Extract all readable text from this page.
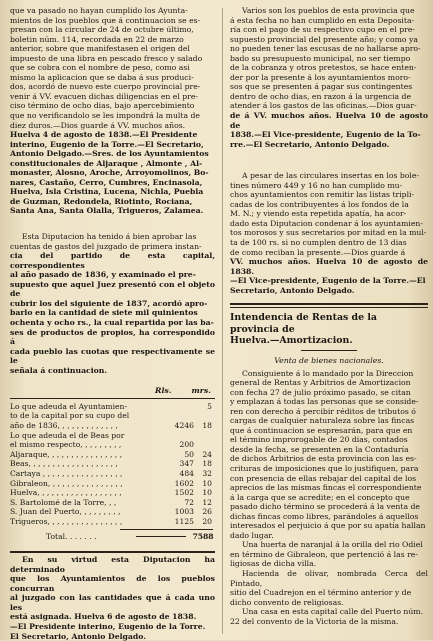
que va pasado no hayan cumplido los Ayunta-

mientos de los pueblos que á continuacion se es-

presan con la circular de 24 de octubre último,

boletin núm. 114, recordada en 22 de marzo

anterior, sobre que manifestasen el origen del

impuesto de una libra en pescado fresco y salado

que se cobra con el nombre de peso, como asi

mismo la aplicacion que se daba á sus produci-

dos, acordó de nuevo este cuerpo provincial pre-

venir á VV. evacuen dichas diligencias en el pre-

ciso término de ocho dias, bajo apercebimiento

que no verificandolo se les impondrá la multa de

diez duros.—Dios guarde á VV. muchos años.

Huelva 4 de agosto de 1838.—El Presidente

interino, Eugenio de la Torre.—El Secretario,

Antonio Delgado.—Sres. de los Ayuntamientos

constitucionales de Aljaraque , Almonte , Al-

monaster, Alosno, Aroche, Arroyomolinos, Bo-

nares, Castaño, Cerro, Cumbres, Encinasola,

Huelva, Isla Cristina, Lucena, Nichla, Puebla

de Guzman, Redondela, Riotinto, Rociana,

Santa Ana, Santa Olalla, Trigueros, Zalamea.

Esta Diputacion ha tenido á bien aprobar las

cuentas de gastos del juzgado de primera instan-

cia del partido de esta capital, correspondientes

al año pasado de 1836, y examinado el pre-

supuesto que aquel Juez presentó con el objeto de

cubrir los del siguiente de 1837, acordó apro-

barlo en la cantidad de siete mil quinientos

ochenta y ocho rs., la cual repartida por las ba-

ses de productos de propios, ha correspondido á

cada pueblo las cuotas que respectivamente se le

señala á continuacion.

Rls.	mrs.
Lo que adeuda el Ayuntamien-	5
to de la capital por su cupo del
año de 1836, , , , , , , , , , , , ,	4246	18
Lo que adeuda el de Beas por
el mismo respecto, , , , , , , , ,	200
Aljaraque, , , , , , , , , , , , , , , ,	50	24
Beas, , , , , , , , , , , , , , , , , , ,	347	18
Cartaya , , , , , , , , , , , , , , , , ,	484	32
Gibraleon, , , , , , , , , , , , , , , ,	1602	10
Huelva, , , , , , , , , , , , , , , , , ,	1502	10
S. Bartolomé de la Torre, , ,	72	12
S. Juan del Puerto, , , , , , , , ,	1003	26
Trigueros, , , , , , , , , , , , , , , ,	1125	20
Total. . . . . . .	7588

En su virtud esta Diputacion ha determinado

que los Ayuntamientos de los pueblos concurran

al juzgado con las cantidades que á cada uno les

está asignada. Huelva 6 de agosto de 1838.

—El Presidente interino, Eugenio de la Torre.

El Secretario, Antonio Delgado.

Varios son los pueblos de esta provincia que

á esta fecha no han cumplido en esta Deposita-

ría con el pago de su respectivo cupo en el pre-

supuesto provincial del presente año; y como ya

no pueden tener las escusas de no hallarse apro-

bado su presupuesto municipal, no ser tiempo

de la cobranza y otros pretestos, se hace enten-

der por la presente á los ayuntamientos moro-

sos que se presenten á pagar sus contingentes

dentro de ocho dias, en razon á la urgencia de

atender á los gastos de las oficinas.—Dios guar-

de á VV. muchos años. Huelva 10 de agosto de

1838.—El Vice-presidente, Eugenio de la To-

rre.—El Secretario, Antonio Delgado.

A pesar de las circulares insertas en los bole-

tines número 449 y 16 no han cumplido mu-

chos ayuntamientos con remitir las listas tripli-

cadas de los contribuyentes á los fondos de la

M. N.; y viendo esta repetida apatía, ha acor-

dado esta Diputacion condenar á los ayuntamien-

tos morosos y sus secretarios por mitad en la mul-

ta de 100 rs. si no cumplen dentro de 13 dias

de como reciban la presente.—Dios guarde á

VV. muchos años. Huelva 10 de agosto de 1838.

—El Vice-presidente, Eugenio de la Torre.—El

Secretario, Antonio Delgado.

Intendencia de Rentas de la provincia de
Huelva.—Amortizacion.
Venta de bienes nacionales.

Consiguiente á lo mandado por la Direccion

general de Rentas y Arbitrios de Amortizacion

con fecha 27 de julio próximo pasado, se citan

y emplazan á todas las personas que se conside-

ren con derecho á percibir réditos de tributos ó

cargas de cualquier naturaleza sobre las fincas

que á continuacion se espresarán, para que en

el término improrogable de 20 dias, contados

desde la fecha, se presenten en la Contaduría

de dichos Arbitrios de esta provincia con las es-

crituras de imposiciones que lo justifiquen, para

con presencia de ellas rebajar del capital de los

aprecios de las mismas fincas el correspondiente

á la carga que se acredite; en el concepto que

pasado dicho término se procederá á la venta de

dichas fincas como libres, parándoles á aquellos

interesados el perjuicio á que por su apatía hallan

dado lugar.

Una huerta de naranjal á la orilla del rio Odiel

en término de Gibraleon, que pertenció á las re-

ligiosas de dicha villa.

Hacienda de olivar, nombrada Cerca del Pintado,

sitio del Cuadrejon en el término anterior y de

dicho convento de religiosas.

Una casa en esta capital calle del Puerto núm.

22 del convento de la Victoria de la misma.
